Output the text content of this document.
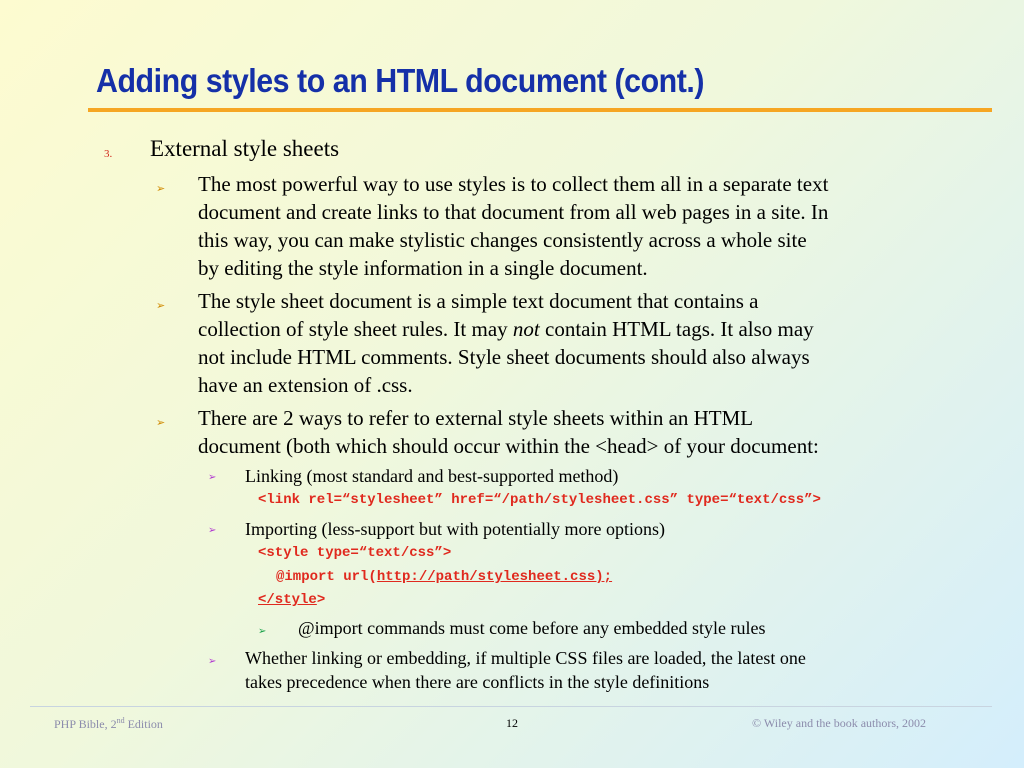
Adding styles to an HTML document (cont.)
3. External style sheets
➢ The most powerful way to use styles is to collect them all in a separate text
document and create links to that document from all web pages in a site. In
this way, you can make stylistic changes consistently across a whole site
by editing the style information in a single document.
➢ The style sheet document is a simple text document that contains a
collection of style sheet rules. It may not contain HTML tags. It also may
not include HTML comments. Style sheet documents should also always
have an extension of .css.
➢ There are 2 ways to refer to external style sheets within an HTML
document (both which should occur within the <head> of your document:
➢ Linking (most standard and best-supported method)
<link rel=“stylesheet” href=“/path/stylesheet.css” type=“text/css”>
➢ Importing (less-support but with potentially more options)
<style type=“text/css”>
@import url(http://path/stylesheet.css);
</style>
➢ @import commands must come before any embedded style rules
➢ Whether linking or embedding, if multiple CSS files are loaded, the latest one
takes precedence when there are conflicts in the style definitions
PHP Bible, 2nd Edition	12	© Wiley and the book authors, 2002
